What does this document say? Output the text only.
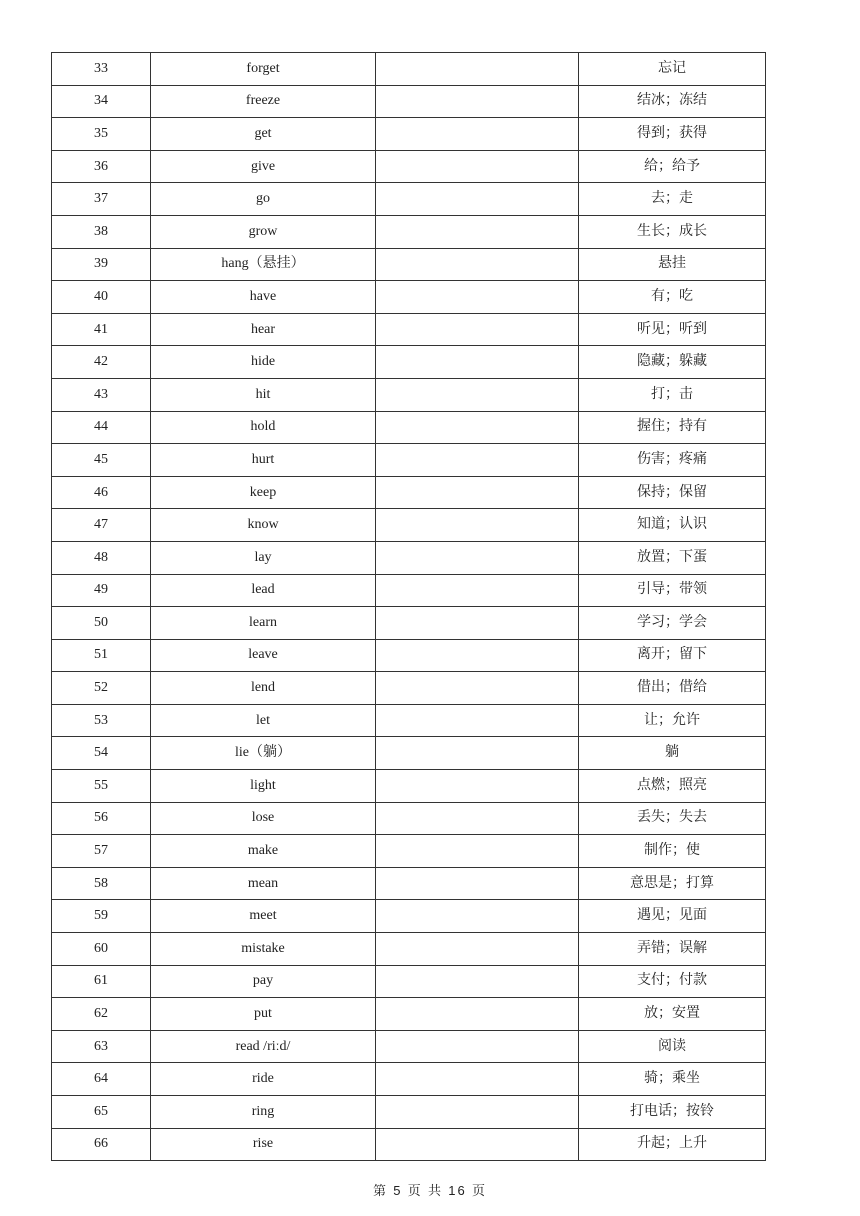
33	forget		忘记
34	freeze		结冰；冻结
35	get		得到；获得
36	give		给；给予
37	go		去；走
38	grow		生长；成长
39	hang（悬挂）		悬挂
40	have		有；吃
41	hear		听见；听到
42	hide		隐藏；躲藏
43	hit		打；击
44	hold		握住；持有
45	hurt		伤害；疼痛
46	keep		保持；保留
47	know		知道；认识
48	lay		放置；下蛋
49	lead		引导；带领
50	learn		学习；学会
51	leave		离开；留下
52	lend		借出；借给
53	let		让；允许
54	lie（躺）		躺
55	light		点燃；照亮
56	lose		丢失；失去
57	make		制作；使
58	mean		意思是；打算
59	meet		遇见；见面
60	mistake		弄错；误解
61	pay		支付；付款
62	put		放；安置
63	read /riːd/		阅读
64	ride		骑；乘坐
65	ring		打电话；按铃
66	rise		升起；上升
第 5 页 共 16 页
